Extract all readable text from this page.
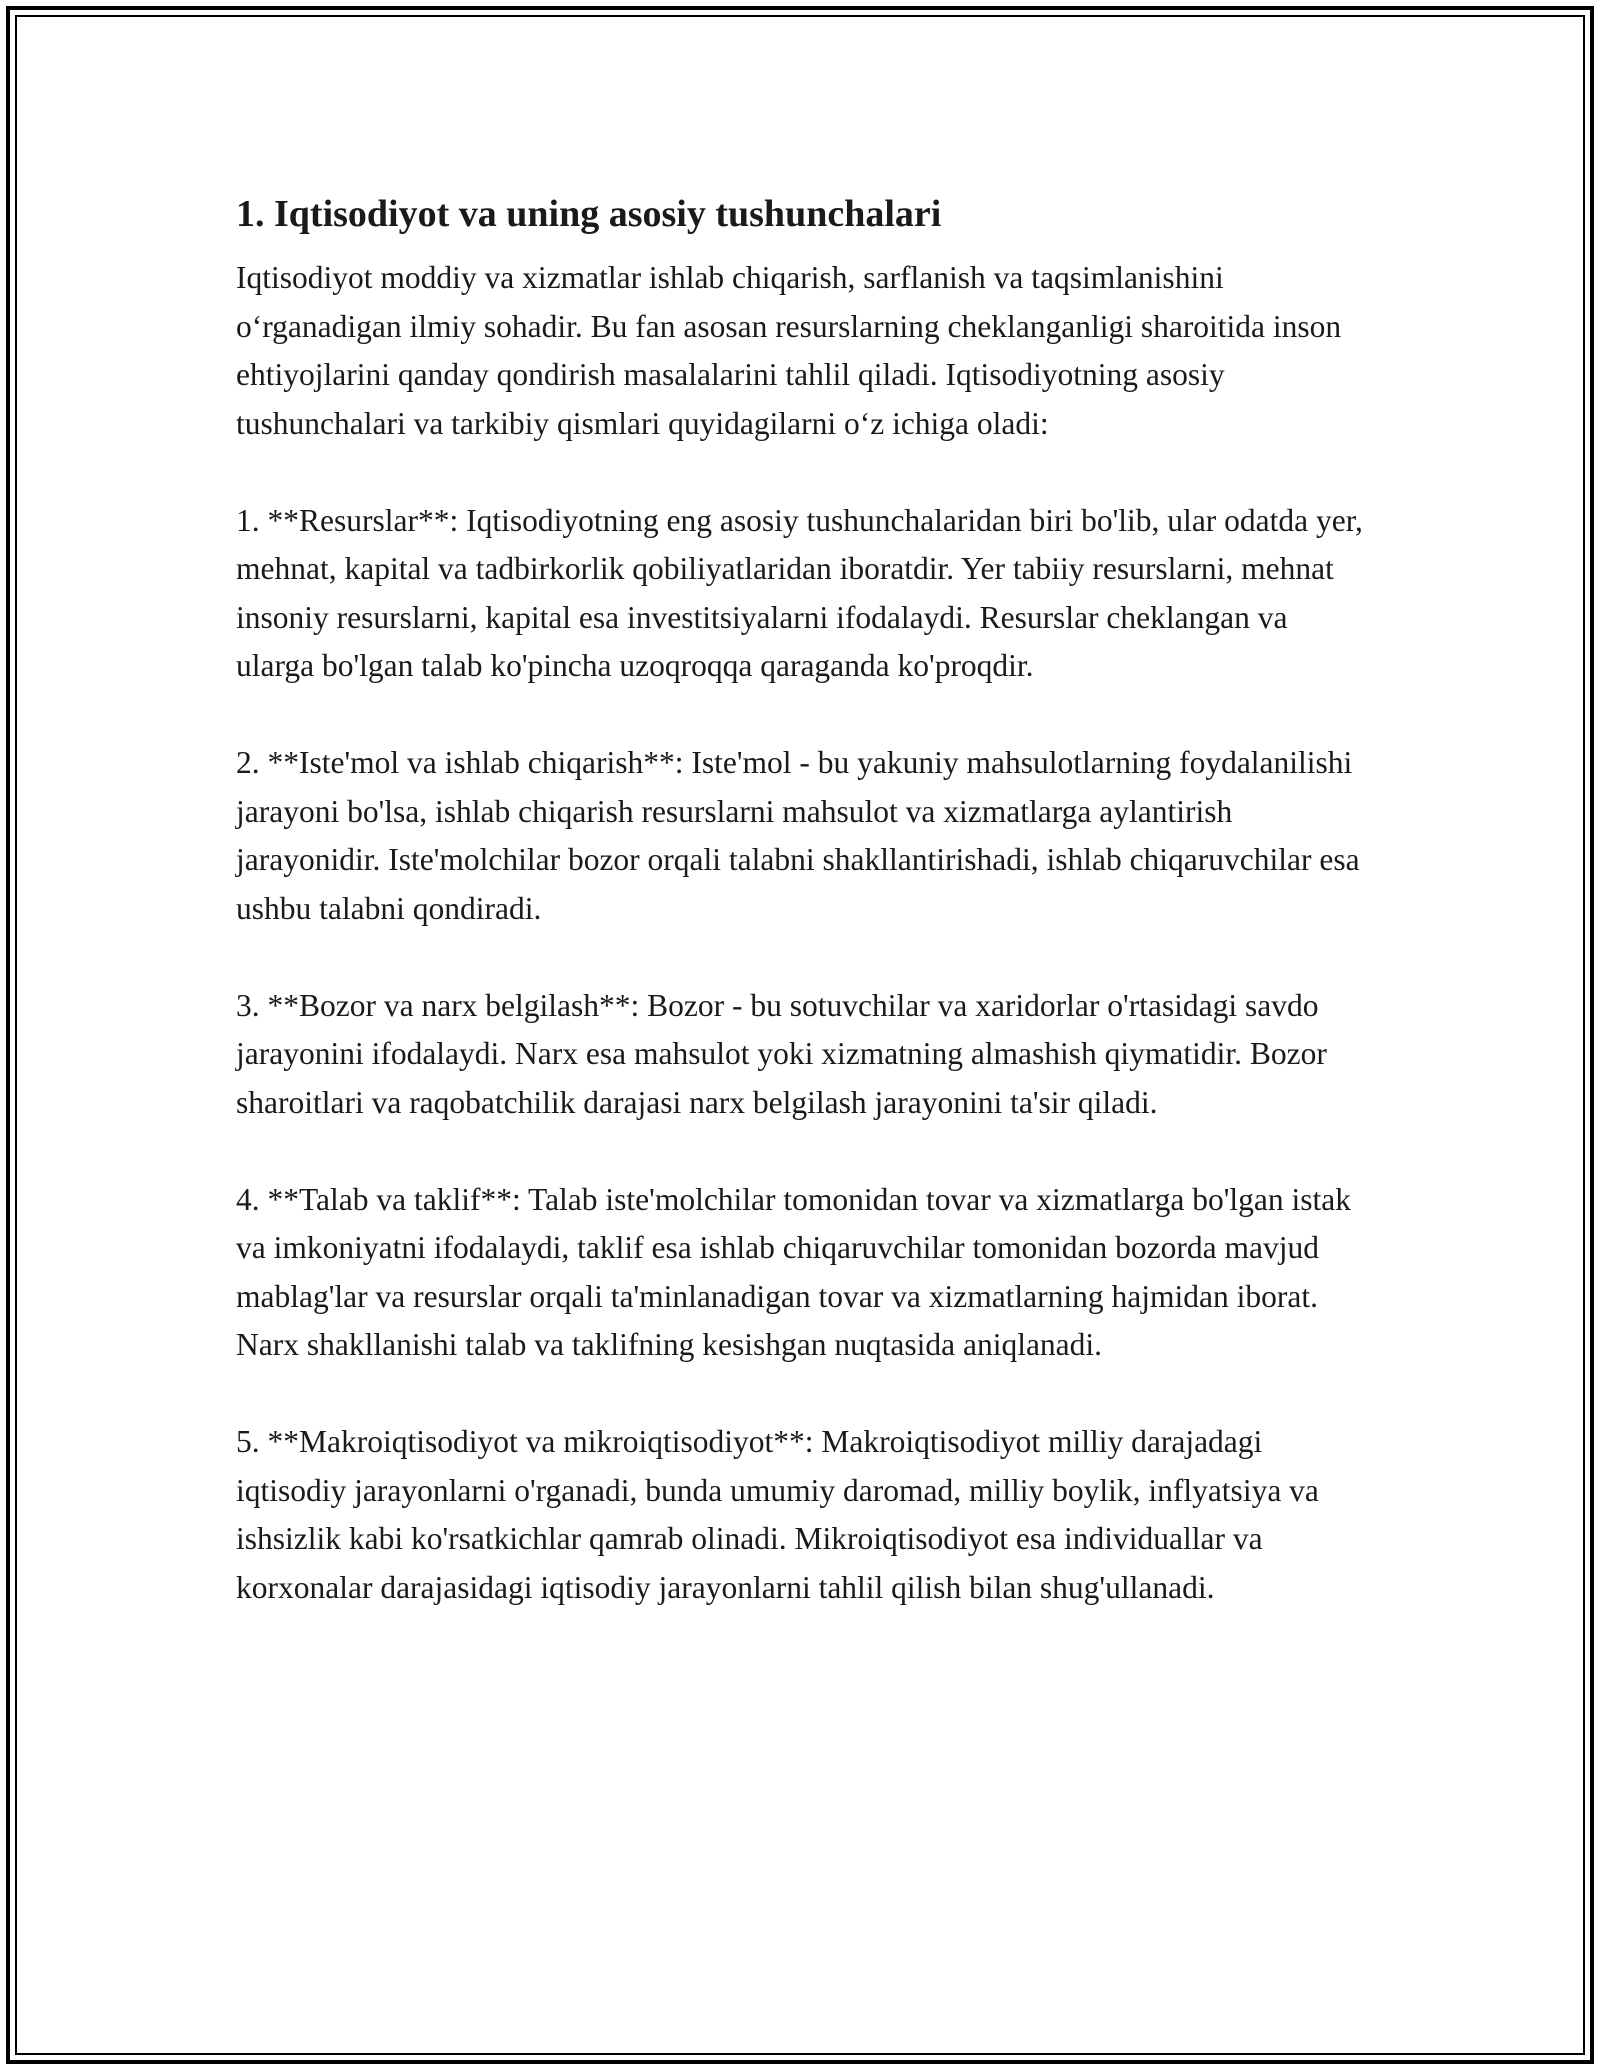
1. Iqtisodiyot va uning asosiy tushunchalari

Iqtisodiyot moddiy va xizmatlar ishlab chiqarish, sarflanish va taqsimlanishini o‘rganadigan ilmiy sohadir. Bu fan asosan resurslarning cheklanganligi sharoitida inson ehtiyojlarini qanday qondirish masalalarini tahlil qiladi. Iqtisodiyotning asosiy tushunchalari va tarkibiy qismlari quyidagilarni o‘z ichiga oladi:

1. **Resurslar**: Iqtisodiyotning eng asosiy tushunchalaridan biri bo'lib, ular odatda yer, mehnat, kapital va tadbirkorlik qobiliyatlaridan iboratdir. Yer tabiiy resurslarni, mehnat insoniy resurslarni, kapital esa investitsiyalarni ifodalaydi. Resurslar cheklangan va ularga bo'lgan talab ko'pincha uzoqroqqa qaraganda ko'proqdir.

2. **Iste'mol va ishlab chiqarish**: Iste'mol - bu yakuniy mahsulotlarning foydalanilishi jarayoni bo'lsa, ishlab chiqarish resurslarni mahsulot va xizmatlarga aylantirish jarayonidir. Iste'molchilar bozor orqali talabni shakllantirishadi, ishlab chiqaruvchilar esa ushbu talabni qondiradi.

3. **Bozor va narx belgilash**: Bozor - bu sotuvchilar va xaridorlar o'rtasidagi savdo jarayonini ifodalaydi. Narx esa mahsulot yoki xizmatning almashish qiymatidir. Bozor sharoitlari va raqobatchilik darajasi narx belgilash jarayonini ta'sir qiladi.

4. **Talab va taklif**: Talab iste'molchilar tomonidan tovar va xizmatlarga bo'lgan istak va imkoniyatni ifodalaydi, taklif esa ishlab chiqaruvchilar tomonidan bozorda mavjud mablag'lar va resurslar orqali ta'minlanadigan tovar va xizmatlarning hajmidan iborat. Narx shakllanishi talab va taklifning kesishgan nuqtasida aniqlanadi.

5. **Makroiqtisodiyot va mikroiqtisodiyot**: Makroiqtisodiyot milliy darajadagi iqtisodiy jarayonlarni o'rganadi, bunda umumiy daromad, milliy boylik, inflyatsiya va ishsizlik kabi ko'rsatkichlar qamrab olinadi. Mikroiqtisodiyot esa individuallar va korxonalar darajasidagi iqtisodiy jarayonlarni tahlil qilish bilan shug'ullanadi.
